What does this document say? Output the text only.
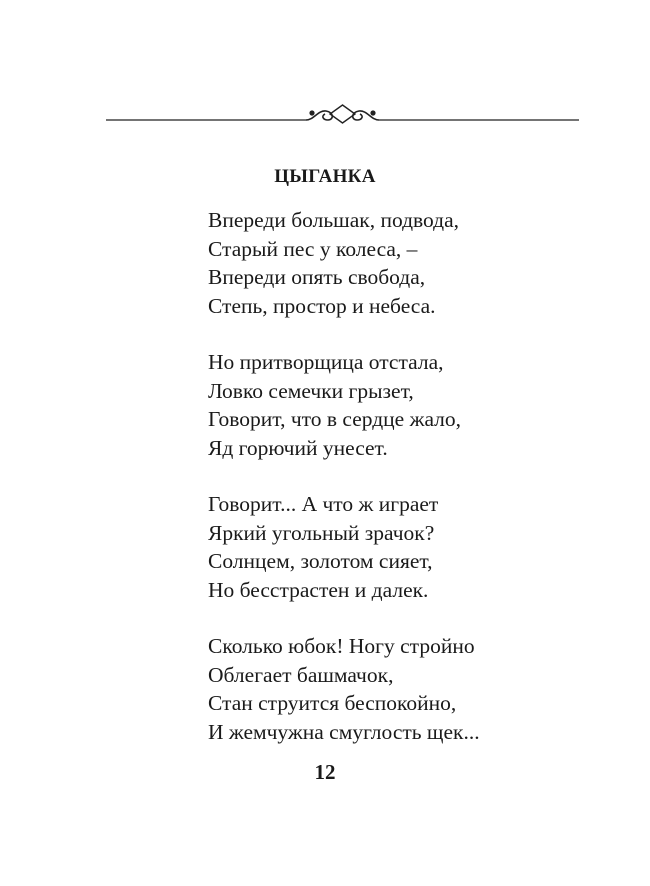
ЦЫГАНКА
Впереди большак, подвода,
Старый пес у колеса, –
Впереди опять свобода,
Степь, простор и небеса.
Но притворщица отстала,
Ловко семечки грызет,
Говорит, что в сердце жало,
Яд горючий унесет.
Говорит... А что ж играет
Яркий угольный зрачок?
Солнцем, золотом сияет,
Но бесстрастен и далек.
Сколько юбок! Ногу стройно
Облегает башмачок,
Стан струится беспокойно,
И жемчужна смуглость щек...
12
